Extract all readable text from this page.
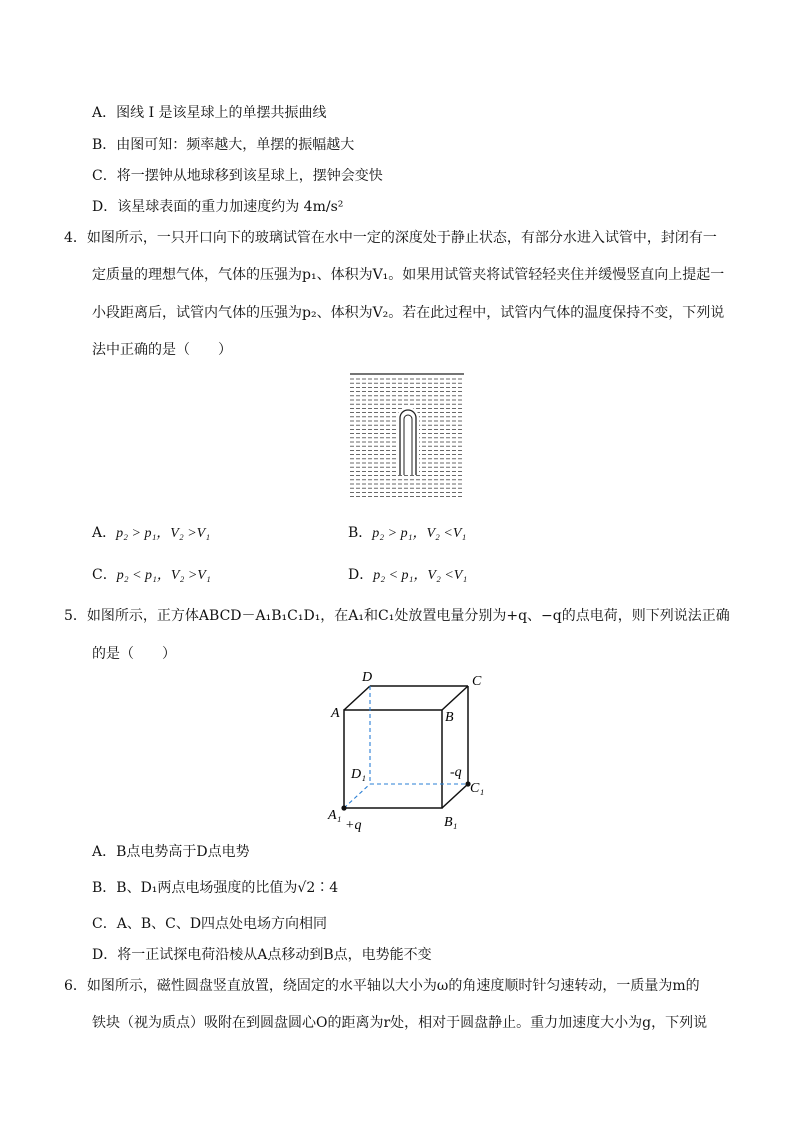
A．图线 I 是该星球上的单摆共振曲线
B．由图可知：频率越大，单摆的振幅越大
C．将一摆钟从地球移到该星球上，摆钟会变快
D．该星球表面的重力加速度约为 4m/s²
4．如图所示，一只开口向下的玻璃试管在水中一定的深度处于静止状态，有部分水进入试管中，封闭有一
定质量的理想气体，气体的压强为p₁、体积为V₁。如果用试管夹将试管轻轻夹住并缓慢竖直向上提起一
小段距离后，试管内气体的压强为p₂、体积为V₂。若在此过程中，试管内气体的温度保持不变，下列说
法中正确的是（　　）
A．p₂ > p₁，V₂ >V₁	B．p₂ > p₁，V₂ <V₁
C．p₂ < p₁，V₂ >V₁	D．p₂ < p₁，V₂ <V₁
5．如图所示，正方体ABCD－A₁B₁C₁D₁，在A₁和C₁处放置电量分别为+q、−q的点电荷，则下列说法正确
的是（　　）
D	C
A	B
D₁	-q
C₁
A₁
+q	B₁
A．B点电势高于D点电势
B．B、D₁两点电场强度的比值为√2∶4
C．A、B、C、D四点处电场方向相同
D．将一正试探电荷沿棱从A点移动到B点，电势能不变
6．如图所示，磁性圆盘竖直放置，绕固定的水平轴以大小为ω的角速度顺时针匀速转动，一质量为m的
铁块（视为质点）吸附在到圆盘圆心O的距离为r处，相对于圆盘静止。重力加速度大小为g，下列说
